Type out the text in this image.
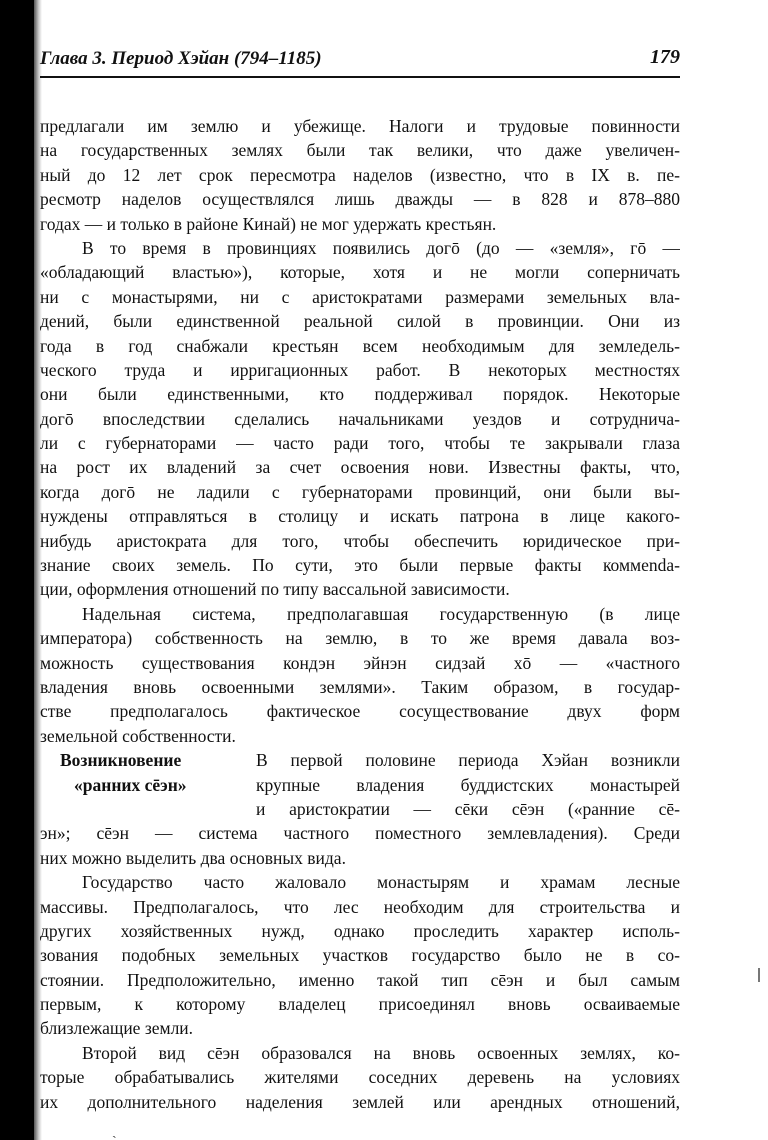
Глава 3. Период Хэйан (794–1185)	179
предлагали им землю и убежище. Налоги и трудовые повинности
на государственных землях были так велики, что даже увеличен-
ный до 12 лет срок пересмотра наделов (известно, что в IX в. пе-
ресмотр наделов осуществлялся лишь дважды — в 828 и 878–880
годах — и только в районе Кинай) не мог удержать крестьян.
В то время в провинциях появились догō (до — «земля», гō —
«обладающий властью»), которые, хотя и не могли соперничать
ни с монастырями, ни с аристократами размерами земельных вла-
дений, были единственной реальной силой в провинции. Они из
года в год снабжали крестьян всем необходимым для земледель-
ческого труда и ирригационных работ. В некоторых местностях
они были единственными, кто поддерживал порядок. Некоторые
догō впоследствии сделались начальниками уездов и сотруднича-
ли с губернаторами — часто ради того, чтобы те закрывали глаза
на рост их владений за счет освоения нови. Известны факты, что,
когда догō не ладили с губернаторами провинций, они были вы-
нуждены отправляться в столицу и искать патрона в лице какого-
нибудь аристократа для того, чтобы обеспечить юридическое при-
знание своих земель. По сути, это были первые факты коммenda-
ции, оформления отношений по типу вассальной зависимости.
Надельная система, предполагавшая государственную (в лице
императора) собственность на землю, в то же время давала воз-
можность существования кондэн эйнэн сидзай хō — «частного
владения вновь освоенными землями». Таким образом, в государ-
стве предполагалось фактическое сосуществование двух форм
земельной собственности.
Возникновение
«ранних сēэн»
В первой половине периода Хэйан возникли
крупные владения буддистских монастырей
и аристократии — сēки сēэн («ранние сē-
эн»; сēэн — система частного поместного землевладения). Среди
них можно выделить два основных вида.
Государство часто жаловало монастырям и храмам лесные
массивы. Предполагалось, что лес необходим для строительства и
других хозяйственных нужд, однако проследить характер исполь-
зования подобных земельных участков государство было не в со-
стоянии. Предположительно, именно такой тип сēэн и был самым
первым, к которому владелец присоединял вновь осваиваемые
близлежащие земли.
Второй вид сēэн образовался на вновь освоенных землях, ко-
торые обрабатывались жителями соседних деревень на условиях
их дополнительного наделения землей или арендных отношений,
ˏ
